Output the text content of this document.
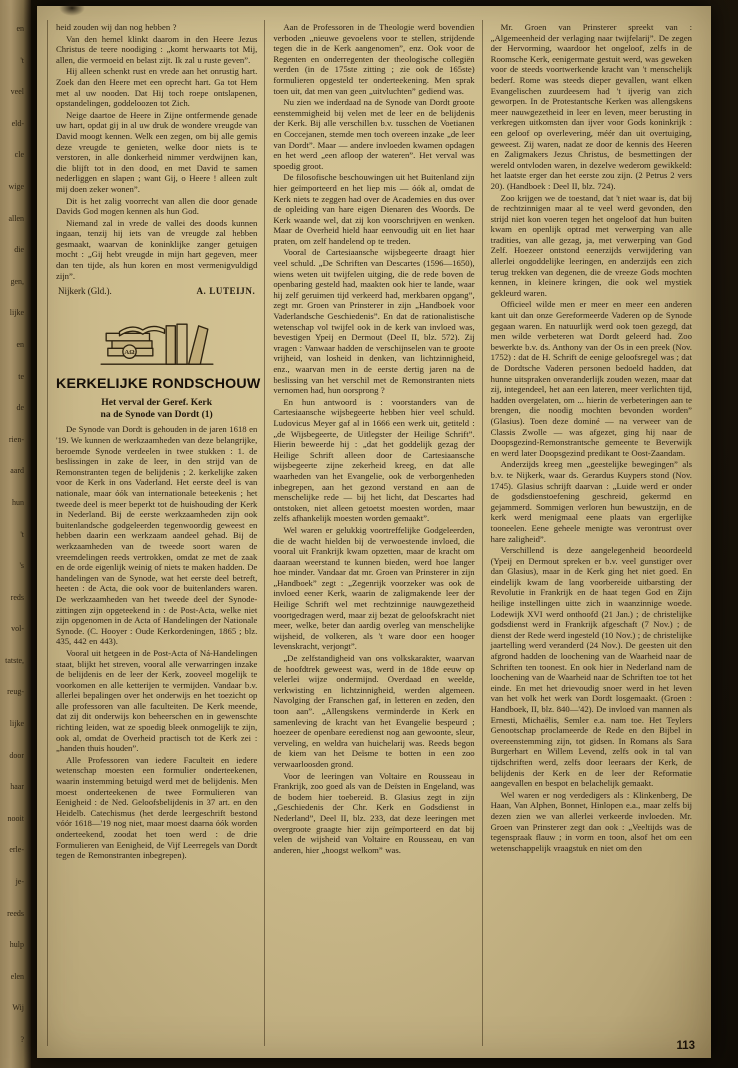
en

't

veel

eld-

cle

wige

allen

die

gen,

lijke

en

te

de

rien-

aard

hun

't

's

reds

vol-

tatste,

reug-

lijke

door

haar

nooit

erle-

je-

reeds

hulp

elen

Wij

?

heid zouden wij dan nog hebben ?

Van den hemel klinkt daarom in den Heere Jezus Christus de teere noodiging : „komt herwaarts tot Mij, allen, die vermoeid en belast zijt. Ik zal u ruste geven”.

Hij alleen schenkt rust en vrede aan het onrustig hart. Zoek dan den Heere met een oprecht hart. Ga tot Hem met al uw nooden. Dat Hij toch roepe ontslapenen, opstandelingen, goddeloozen tot Zich.

Neige daartoe de Heere in Zijne ontfermende genade uw hart, opdat gij in al uw druk de wondere vreugde van David moogt kennen. Welk een zegen, om bij alle gemis deze vreugde te genieten, welke door niets is te verstoren, in alle donkerheid nimmer verdwijnen kan, die blijft tot in den dood, en met David te samen nederliggen en slapen ; want Gij, o Heere ! alleen zult mij doen zeker wonen”.

Dit is het zalig voorrecht van allen die door genade Davids God mogen kennen als hun God.

Niemand zal in vrede de vallei des doods kunnen ingaan, tenzij hij iets van de vreugde zal hebben gesmaakt, waarvan de koninklijke zanger getuigen mocht : „Gij hebt vreugde in mijn hart gegeven, meer dan ten tijde, als hun koren en most vermenigvuldigd zijn”.

Nijkerk (Gld.).	A. LUTEIJN.
AΩ
KERKELIJKE RONDSCHOUW
Het verval der Geref. Kerk
na de Synode van Dordt (1)

De Synode van Dordt is gehouden in de jaren 1618 en '19. We kunnen de werkzaamheden van deze belangrijke, beroemde Synode verdeelen in twee stukken : 1. de beslissingen in zake de leer, in den strijd van de Remonstranten tegen de belijdenis ; 2. kerkelijke zaken voor de Kerk in ons Vaderland. Het eerste deel is van nationale, maar óók van internationale beteekenis ; het tweede deel is meer beperkt tot de huishouding der Kerk in Nederland. Bij de eerste werkzaamheden zijn ook buitenlandsche godgeleerden tegenwoordig geweest en hebben daarin een werkzaam aandeel gehad. Bij de werkzaamheden van de tweede soort waren de vreemdelingen reeds vertrokken, omdat ze met de zaak en de orde eigenlijk weinig of niets te maken hadden. De handelingen van de Synode, wat het eerste deel betreft, heeten : de Acta, die ook voor de buitenlanders waren. De werkzaamheden van het tweede deel der Synode-zittingen zijn opgeteekend in : de Post-Acta, welke niet zijn opgenomen in de Acta of Handelingen der Nationale Synode. (C. Hooyer : Oude Kerkordeningen, 1865 ; blz. 435, 442 en 443).

Vooral uit hetgeen in de Post-Acta of Ná-Handelingen staat, blijkt het streven, vooral alle verwarringen inzake de belijdenis en de leer der Kerk, zooveel mogelijk te voorkomen en alle ketterijen te vermijden. Vandaar b.v. allerlei bepalingen over het onderwijs en het toezicht op alle professoren van alle faculteiten. De Kerk meende, dat zij dit onderwijs kon beheerschen en in gewenschte richting leiden, wat ze spoedig bleek onmogelijk te zijn, ook al, omdat de Overheid practisch tot de Kerk zei : „handen thuis houden”.

Alle Professoren van iedere Faculteit en iedere wetenschap moesten een formulier onderteekenen, waarin instemming betuigd werd met de belijdenis. Men moest onderteekenen de twee Formulieren van Eenigheid : de Ned. Geloofsbelijdenis in 37 art. en den Heidelb. Catechismus (het derde leergeschrift bestond vóór 1618—'19 nog niet, maar moest daarna óók worden onderteekend, zoodat het toen werd : de drie Formulieren van Eenigheid, de Vijf Leerregels van Dordt tegen de Remonstranten inbegrepen).

Aan de Professoren in de Theologie werd bovendien verboden „nieuwe gevoelens voor te stellen, strijdende tegen die in de Kerk aangenomen”, enz. Ook voor de Regenten en onderregenten der theologische collegiën werden (in de 175ste zitting ; zie ook de 165ste) formulieren opgesteld ter onderteekening. Men sprak toen uit, dat men van geen „uitvluchten” gediend was.

Nu zien we inderdaad na de Synode van Dordt groote eenstemmigheid bij velen met de leer en de belijdenis der Kerk. Bij alle verschillen b.v. tusschen de Voetianen en Coccejanen, stemde men toch overeen inzake „de leer van Dordt”. Maar — andere invloeden kwamen opdagen en het werd „een afloop der wateren”. Het verval was spoedig groot.

De filosofische beschouwingen uit het Buitenland zijn hier geïmporteerd en het liep mis — óók al, omdat de Kerk niets te zeggen had over de Academies en dus over de opleiding van hare eigen Dienaren des Woords. De Kerk waande wel, dat zij kon voorschrijven en wenken. Maar de Overheid hield haar eenvoudig uit en liet haar praten, om zelf handelend op te treden.

Vooral de Cartesiaansche wijsbegeerte draagt hier veel schuld. „De Schriften van Descartes (1596—1650), wiens weten uit twijfelen uitging, die de rede boven de openbaring gesteld had, maakten ook hier te lande, waar hij zelf geruimen tijd verkeerd had, merkbaren opgang”, zegt mr. Groen van Prinsterer in zijn „Handboek voor Vaderlandsche Geschiedenis”. En dat de rationalistische wetenschap vol twijfel ook in de kerk van invloed was, bevestigen Ypeij en Dermout (Deel II, blz. 572). Zij vragen : Vanwaar hadden de verschijnselen van te groote vrijheid, van losheid in denken, van lichtzinnigheid, enz., waarvan men in de eerste dertig jaren na de beslissing van het verschil met de Remonstranten niets vernomen had, hun oorsprong ?

En hun antwoord is : voorstanders van de Cartesiaansche wijsbegeerte hebben hier veel schuld. Ludovicus Meyer gaf al in 1666 een werk uit, getiteld : „de Wijsbegeerte, de Uitlegster der Heilige Schrift”. Hierin beweerde hij : „dat het goddelijk gezag der Heilige Schrift alleen door de Cartesiaansche wijsbegeerte zijne zekerheid kreeg, en dat alle waarheden van het Evangelie, ook de verborgenheden inbegrepen, aan het gezond verstand en aan de menschelijke rede — bij het licht, dat Descartes had ontstoken, niet alleen getoetst moesten worden, maar zelfs afhankelijk moesten worden gemaakt”.

Wel waren er gelukkig voortreffelijke Godgeleerden, die de wacht hielden bij de verwoestende invloed, die vooral uit Frankrijk kwam opzetten, maar de kracht om daaraan weerstand te kunnen bieden, werd hoe langer hoe minder. Vandaar dat mr. Groen van Prinsterer in zijn „Handboek” zegt : „Zegenrijk voorzeker was ook de invloed eener Kerk, waarin de zaligmakende leer der Heilige Schrift wel met rechtzinnige nauwgezetheid voortgedragen werd, maar zij bezat de geloofskracht niet meer, welke, beter dan aardig overleg van menschelijke wijsheid, de volkeren, als 't ware door een hooger levenskracht, verjongt”.

„De zelfstandigheid van ons volkskarakter, waarvan de hoofdtrek geweest was, werd in de 18de eeuw op velerlei wijze ondermijnd. Overdaad en weelde, verkwisting en lichtzinnigheid, werden algemeen. Navolging der Franschen gaf, in letteren en zeden, den toon aan”. „Allengskens verminderde in Kerk en samenleving de kracht van het Evangelie bespeurd ; hoezeer de openbare eeredienst nog aan gewoonte, sleur, verveling, en weldra van huichelarij was. Reeds begon de kiem van het Deïsme te botten in een zoo verwaarloosden grond.

Voor de leeringen van Voltaire en Rousseau in Frankrijk, zoo goed als van de Deïsten in Engeland, was de bodem hier toebereid. B. Glasius zegt in zijn „Geschiedenis der Chr. Kerk en Godsdienst in Nederland”, Deel II, blz. 233, dat deze leeringen met overgroote graagte hier zijn geïmporteerd en dat bij velen de wijsheid van Voltaire en Rousseau, en van anderen, hier „hoogst welkom” was.

Mr. Groen van Prinsterer spreekt van : „Algemeenheid der verlaging naar twijfelarij”. De zegen der Hervorming, waardoor het ongeloof, zelfs in de Roomsche Kerk, eenigermate gestuit werd, was geweken voor de steeds voortwerkende kracht van 't menschelijk bederf. Rome was steeds dieper gevallen, want elken Evangelischen zuurdeesem had 't ijverig van zich geworpen. In de Protestantsche Kerken was allengskens meer nauwgezetheid in leer en leven, meer berusting in verkregen uitkomsten dan ijver voor Gods koninkrijk : een geloof op overlevering, méér dan uit overtuiging, geweest. Zij waren, nadat ze door de kennis des Heeren en Zaligmakers Jezus Christus, de besmettingen der wereld ontvloden waren, in dezelve wederom gewikkeld: het laatste erger dan het eerste zou zijn. (2 Petrus 2 vers 20). (Handboek : Deel II, blz. 724).

Zoo krijgen we de toestand, dat 't niet waar is, dat bij de rechtzinnigen maar al te veel werd gevonden, den strijd niet kon voeren tegen het ongeloof dat hun buiten kwam en openlijk optrad met verwerping van alle tradities, van alle gezag, ja, met verwerping van God Zelf. Hoezeer ontstond eenerzijds verwijdering van allerlei ongoddelijke leeringen, en anderzijds een zich terug trekken van degenen, die de vreeze Gods mochten kennen, in kleinere kringen, die ook wel mystiek gekleurd waren.

Officieel wilde men er meer en meer een anderen kant uit dan onze Gereformeerde Vaderen op de Synode gegaan waren. En natuurlijk werd ook toen gezegd, dat men wilde verbeteren wat Dordt geleerd had. Zoo bewerkte b.v. ds. Anthony van der Os in een preek (Nov. 1752) : dat de H. Schrift de eenige geloofsregel was ; dat de Dordtsche Vaderen personen bedoeld hadden, dat hunne uitspraken onveranderlijk zouden wezen, maar dat zij, integendeel, het aan een lateren, meer verlichten tijd, hadden overgelaten, om ... hierin de verbeteringen aan te brengen, die noodig mochten bevonden worden” (Glasius). Toen deze dominé — na verweer van de Classis Zwolle — was afgezet, ging hij naar de Doopsgezind-Remonstrantsche gemeente te Beverwijk en werd later Doopsgezind predikant te Oost-Zaandam.

Anderzijds kreeg men „geestelijke bewegingen” als b.v. te Nijkerk, waar ds. Gerardus Kuypers stond (Nov. 1745). Glasius schrijft daarvan : „Luide werd er onder de godsdienstoefening geschreid, gekermd en gejammerd. Sommigen verloren hun bewustzijn, en de kerk werd menigmaal eene plaats van ergerlijke tooneelen. Eene geheele menigte was verontrust over hare zaligheid”.

Verschillend is deze aangelegenheid beoordeeld (Ypeij en Dermout spreken er b.v. veel gunstiger over dan Glasius), maar in de Kerk ging het niet goed. En eindelijk kwam de lang voorbereide uitbarsting der Revolutie in Frankrijk en de haat tegen God en Zijn heilige instellingen uitte zich in waanzinnige woede. Lodewijk XVI werd onthoofd (21 Jan.) ; de christelijke godsdienst werd in Frankrijk afgeschaft (7 Nov.) ; de dienst der Rede werd ingesteld (10 Nov.) ; de christelijke jaartelling werd veranderd (24 Nov.). De geesten uit den afgrond hadden de loochening van de Waarheid naar de Schriften ten toonest. En ook hier in Nederland nam de loochening van de Waarheid naar de Schriften toe tot het einde. En met het drievoudig snoer werd in het leven van het volk het werk van Dordt losgemaakt. (Groen : Handboek, II, blz. 840—'42). De invloed van mannen als Ernesti, Michaëlis, Semler e.a. nam toe. Het Teylers Genootschap proclameerde de Rede en den Bijbel in overeenstemming zijn, tot gidsen. In Romans als Sara Burgerhart en Willem Levend, zelfs ook in tal van tijdschriften werd, zelfs door leeraars der Kerk, de belijdenis der Kerk en de leer der Reformatie aangevallen en bespot en belachelijk gemaakt.

Wel waren er nog verdedigers als : Klinkenberg, De Haan, Van Alphen, Bonnet, Hinlopen e.a., maar zelfs bij dezen zien we van allerlei verkeerde invloeden. Mr. Groen van Prinsterer zegt dan ook : „Veeltijds was de tegenspraak flauw ; in vorm en toon, alsof het om een wetenschappelijk vraagstuk en niet om den

113
